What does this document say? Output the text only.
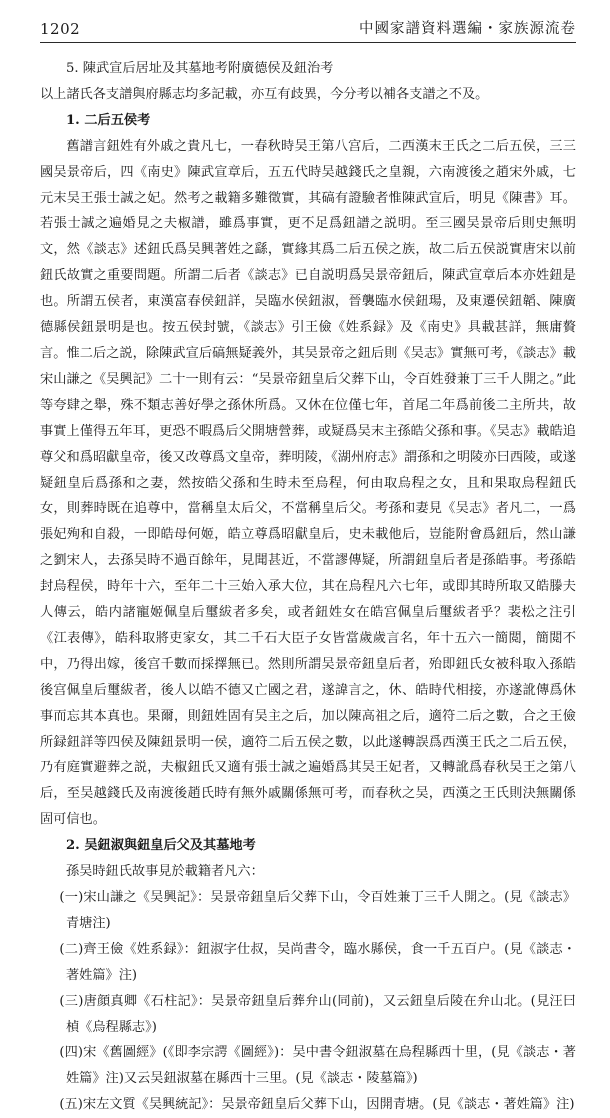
1202	中國家譜資料選編・家族源流卷

5. 陳武宣后居址及其墓地考附廣德侯及鈕治考

以上諸氏各支譜與府縣志均多記載，亦互有歧異，今分考以補各支譜之不及。

1. 二后五侯考

舊譜言鈕姓有外戚之貴凡七，一春秋時吴王第八宫后，二西漢末王氏之二后五侯，三三國吴景帝后，四《南史》陳武宣章后，五五代時吴越錢氏之皇親，六南渡後之趙宋外戚，七元末吴王張士誠之妃。然考之載籍多難徵實，其碻有證驗者惟陳武宣后，明見《陳書》耳。若張士誠之遍婚見之夫椒譜，雖爲事實，更不足爲鈕譜之説明。至三國吴景帝后則史無明文，然《談志》述鈕氏爲吴興著姓之繇，實緣其爲二后五侯之族，故二后五侯説實唐宋以前鈕氏故實之重要問題。所謂二后者《談志》已自説明爲吴景帝鈕后，陳武宣章后本亦姓鈕是也。所謂五侯者，東漢富春侯鈕詳，吴臨水侯鈕淑，晉襲臨水侯鈕瑒，及東遷侯鈕韜、陳廣德縣侯鈕景明是也。按五侯封號，《談志》引王儉《姓系録》及《南史》具載甚詳，無庸贅言。惟二后之説，除陳武宣后碻無疑義外，其吴景帝之鈕后則《吴志》實無可考，《談志》載宋山謙之《吴興記》二十一則有云：“吴景帝鈕皇后父葬下山，令百姓發兼丁三千人開之。”此等夸肆之舉，殊不類志善好學之孫休所爲。又休在位僅七年，首尾二年爲前後二主所共，故事實上僅得五年耳，更恐不暇爲后父開塘營葬，或疑爲吴末主孫皓父孫和事。《吴志》載皓追尊父和爲昭獻皇帝，後又改尊爲文皇帝，葬明陵，《湖州府志》謂孫和之明陵亦曰西陵，或遂疑鈕皇后爲孫和之妻，然按皓父孫和生時未至烏程，何由取烏程之女，且和果取烏程鈕氏女，則葬時既在追尊中，當稱皇太后父，不當稱皇后父。考孫和妻見《吴志》者凡二，一爲張妃殉和自殺，一即皓母何姬，皓立尊爲昭獻皇后，史未載他后，豈能附會爲鈕后，然山謙之劉宋人，去孫吴時不過百餘年，見聞甚近，不當謬傳疑，所謂鈕皇后者是孫皓事。考孫皓封烏程侯，時年十六，至年二十三始入承大位，其在烏程凡六七年，或即其時所取又皓滕夫人傳云，皓内諸寵姬佩皇后璽紱者多矣，或者鈕姓女在皓宫佩皇后璽紱者乎？裴松之注引《江表傳》，皓科取將吏家女，其二千石大臣子女皆當歲歲言名，年十五六一簡閲，簡閲不中，乃得出嫁，後宫千數而採擇無已。然則所謂吴景帝鈕皇后者，殆即鈕氏女被科取入孫皓後宫佩皇后璽紱者，後人以皓不德又亡國之君，遂諱言之，休、皓時代相接，亦遂訛傳爲休事而忘其本真也。果爾，則鈕姓固有吴主之后，加以陳高祖之后，適符二后之數，合之王儉所録鈕詳等四侯及陳鈕景明一侯，適符二后五侯之數，以此遂轉誤爲西漢王氏之二后五侯，乃有庭實避葬之説，夫椒鈕氏又適有張士誠之遍婚爲其吴王妃者，又轉訛爲春秋吴王之第八后，至吴越錢氏及南渡後趙氏時有無外戚關係無可考，而春秋之吴，西漢之王氏則決無關係固可信也。

2. 吴鈕淑與鈕皇后父及其墓地考

孫吴時鈕氏故事見於載籍者凡六：

(一)宋山謙之《吴興記》：吴景帝鈕皇后父葬下山，令百姓兼丁三千人開之。(見《談志》青塘注)

(二)齊王儉《姓系録》：鈕淑字仕叔，吴尚書令，臨水縣侯，食一千五百户。(見《談志・著姓篇》注)

(三)唐顔真卿《石柱記》：吴景帝鈕皇后葬弁山(同前)，又云鈕皇后陵在弁山北。(見汪曰楨《烏程縣志》)

(四)宋《舊圖經》(《即李宗諤《圖經》)：吴中書令鈕淑墓在烏程縣西十里，(見《談志・著姓篇》注)又云吴鈕淑墓在縣西十三里。(見《談志・陵墓篇》)

(五)宋左文質《吴興統記》：吴景帝鈕皇后父葬下山，因開青塘。(見《談志・著姓篇》注)
